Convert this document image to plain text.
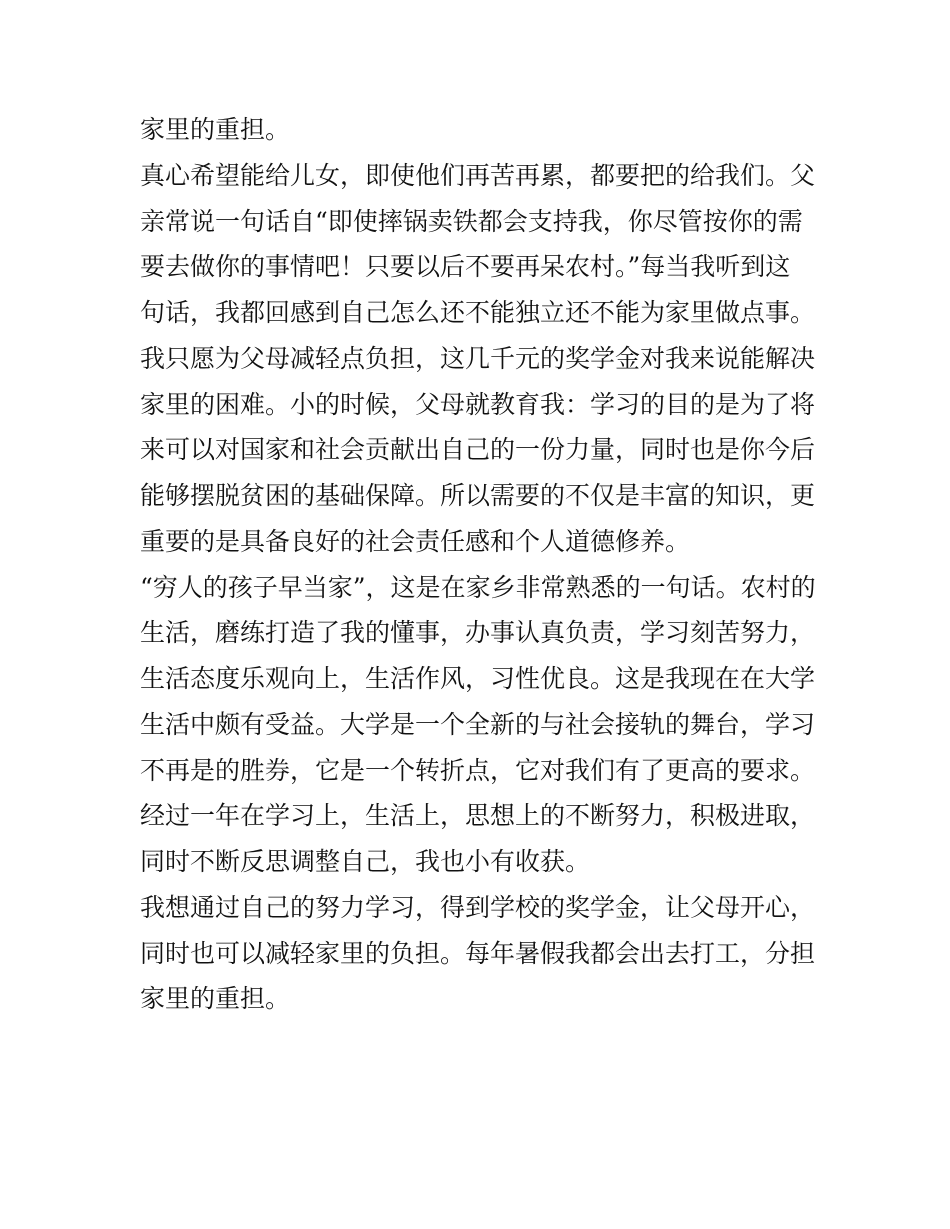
家里的重担。
真心希望能给儿女，即使他们再苦再累，都要把的给我们。父
亲常说一句话自“即使摔锅卖铁都会支持我，你尽管按你的需
要去做你的事情吧！只要以后不要再呆农村。”每当我听到这
句话，我都回感到自己怎么还不能独立还不能为家里做点事。
我只愿为父母减轻点负担，这几千元的奖学金对我来说能解决
家里的困难。小的时候，父母就教育我：学习的目的是为了将
来可以对国家和社会贡献出自己的一份力量，同时也是你今后
能够摆脱贫困的基础保障。所以需要的不仅是丰富的知识，更
重要的是具备良好的社会责任感和个人道德修养。
“穷人的孩子早当家”，这是在家乡非常熟悉的一句话。农村的
生活，磨练打造了我的懂事，办事认真负责，学习刻苦努力，
生活态度乐观向上，生活作风，习性优良。这是我现在在大学
生活中颇有受益。大学是一个全新的与社会接轨的舞台，学习
不再是的胜券，它是一个转折点，它对我们有了更高的要求。
经过一年在学习上，生活上，思想上的不断努力，积极进取，
同时不断反思调整自己，我也小有收获。
我想通过自己的努力学习，得到学校的奖学金，让父母开心，
同时也可以减轻家里的负担。每年暑假我都会出去打工，分担
家里的重担。
